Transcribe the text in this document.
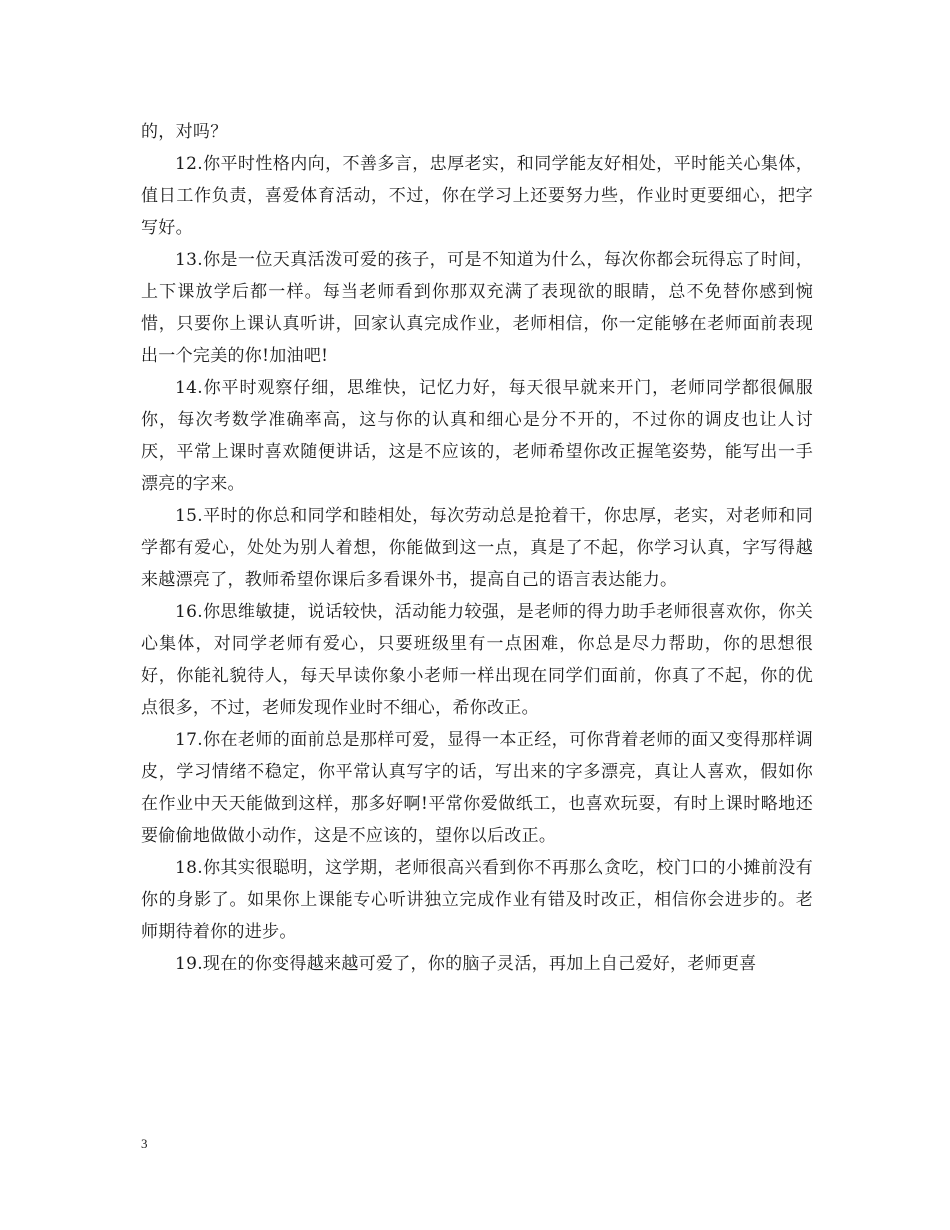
的，对吗？

12.你平时性格内向，不善多言，忠厚老实，和同学能友好相处，平时能关心集体，值日工作负责，喜爱体育活动，不过，你在学习上还要努力些，作业时更要细心，把字写好。

13.你是一位天真活泼可爱的孩子，可是不知道为什么，每次你都会玩得忘了时间，上下课放学后都一样。每当老师看到你那双充满了表现欲的眼睛，总不免替你感到惋惜，只要你上课认真听讲，回家认真完成作业，老师相信，你一定能够在老师面前表现出一个完美的你!加油吧!

14.你平时观察仔细，思维快，记忆力好，每天很早就来开门，老师同学都很佩服你，每次考数学准确率高，这与你的认真和细心是分不开的，不过你的调皮也让人讨厌，平常上课时喜欢随便讲话，这是不应该的，老师希望你改正握笔姿势，能写出一手漂亮的字来。

15.平时的你总和同学和睦相处，每次劳动总是抢着干，你忠厚，老实，对老师和同学都有爱心，处处为别人着想，你能做到这一点，真是了不起，你学习认真，字写得越来越漂亮了，教师希望你课后多看课外书，提高自己的语言表达能力。

16.你思维敏捷，说话较快，活动能力较强，是老师的得力助手老师很喜欢你，你关心集体，对同学老师有爱心，只要班级里有一点困难，你总是尽力帮助，你的思想很好，你能礼貌待人，每天早读你象小老师一样出现在同学们面前，你真了不起，你的优点很多，不过，老师发现作业时不细心，希你改正。

17.你在老师的面前总是那样可爱，显得一本正经，可你背着老师的面又变得那样调皮，学习情绪不稳定，你平常认真写字的话，写出来的字多漂亮，真让人喜欢，假如你在作业中天天能做到这样，那多好啊!平常你爱做纸工，也喜欢玩耍，有时上课时略地还要偷偷地做做小动作，这是不应该的，望你以后改正。

18.你其实很聪明，这学期，老师很高兴看到你不再那么贪吃，校门口的小摊前没有你的身影了。如果你上课能专心听讲独立完成作业有错及时改正，相信你会进步的。老师期待着你的进步。

19.现在的你变得越来越可爱了，你的脑子灵活，再加上自己爱好，老师更喜

3
